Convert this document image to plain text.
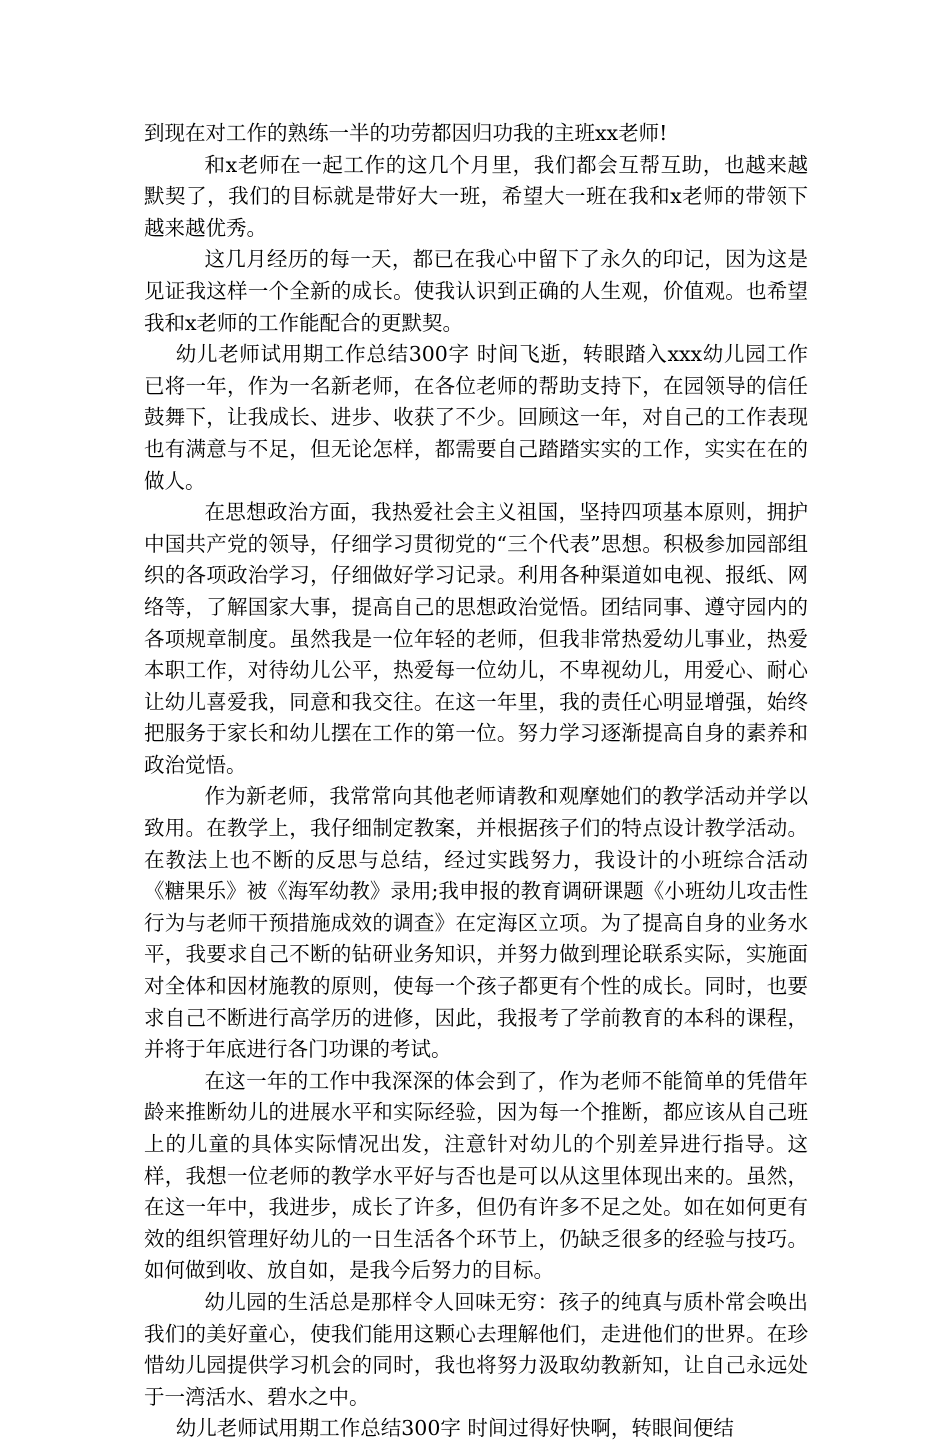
到现在对工作的熟练一半的功劳都因归功我的主班xx老师!

和x老师在一起工作的这几个月里，我们都会互帮互助，也越来越默契了，我们的目标就是带好大一班，希望大一班在我和x老师的带领下越来越优秀。

这几月经历的每一天，都已在我心中留下了永久的印记，因为这是见证我这样一个全新的成长。使我认识到正确的人生观，价值观。也希望我和x老师的工作能配合的更默契。

幼儿老师试用期工作总结300字 时间飞逝，转眼踏入xxx幼儿园工作已将一年，作为一名新老师，在各位老师的帮助支持下，在园领导的信任鼓舞下，让我成长、进步、收获了不少。回顾这一年，对自己的工作表现也有满意与不足，但无论怎样，都需要自己踏踏实实的工作，实实在在的做人。

在思想政治方面，我热爱社会主义祖国，坚持四项基本原则，拥护中国共产党的领导，仔细学习贯彻党的“三个代表”思想。积极参加园部组织的各项政治学习，仔细做好学习记录。利用各种渠道如电视、报纸、网络等，了解国家大事，提高自己的思想政治觉悟。团结同事、遵守园内的各项规章制度。虽然我是一位年轻的老师，但我非常热爱幼儿事业，热爱本职工作，对待幼儿公平，热爱每一位幼儿，不卑视幼儿，用爱心、耐心让幼儿喜爱我，同意和我交往。在这一年里，我的责任心明显增强，始终把服务于家长和幼儿摆在工作的第一位。努力学习逐渐提高自身的素养和政治觉悟。

作为新老师，我常常向其他老师请教和观摩她们的教学活动并学以致用。在教学上，我仔细制定教案，并根据孩子们的特点设计教学活动。在教法上也不断的反思与总结，经过实践努力，我设计的小班综合活动《糖果乐》被《海军幼教》录用;我申报的教育调研课题《小班幼儿攻击性行为与老师干预措施成效的调查》在定海区立项。为了提高自身的业务水平，我要求自己不断的钻研业务知识，并努力做到理论联系实际，实施面对全体和因材施教的原则，使每一个孩子都更有个性的成长。同时，也要求自己不断进行高学历的进修，因此，我报考了学前教育的本科的课程，并将于年底进行各门功课的考试。

在这一年的工作中我深深的体会到了，作为老师不能简单的凭借年龄来推断幼儿的进展水平和实际经验，因为每一个推断，都应该从自己班上的儿童的具体实际情况出发，注意针对幼儿的个别差异进行指导。这样，我想一位老师的教学水平好与否也是可以从这里体现出来的。虽然，在这一年中，我进步，成长了许多，但仍有许多不足之处。如在如何更有效的组织管理好幼儿的一日生活各个环节上，仍缺乏很多的经验与技巧。如何做到收、放自如，是我今后努力的目标。

幼儿园的生活总是那样令人回味无穷：孩子的纯真与质朴常会唤出我们的美好童心，使我们能用这颗心去理解他们，走进他们的世界。在珍惜幼儿园提供学习机会的同时，我也将努力汲取幼教新知，让自己永远处于一湾活水、碧水之中。

幼儿老师试用期工作总结300字 时间过得好快啊，转眼间便结
